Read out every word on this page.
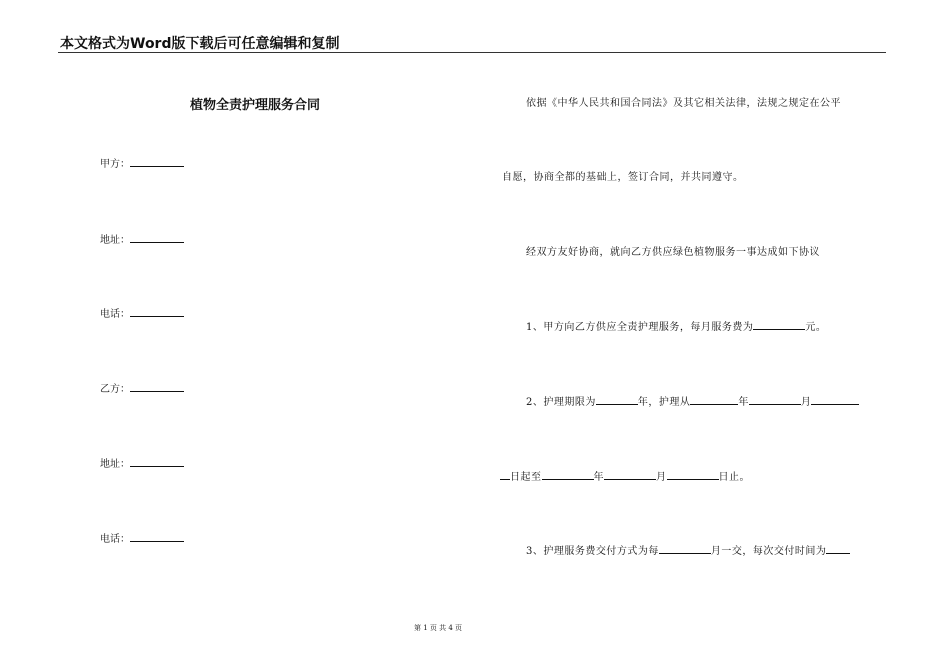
本文格式为Word版下载后可任意编辑和复制
植物全责护理服务合同
甲方：
地址：
电话：
乙方：
地址：
电话：
依据《中华人民共和国合同法》及其它相关法律，法规之规定在公平
自愿，协商全都的基础上，签订合同，并共同遵守。
经双方友好协商，就向乙方供应绿色植物服务一事达成如下协议
1、甲方向乙方供应全责护理服务，每月服务费为	元。
2、护理期限为	年，护理从	年	月
日起至	年	月	日止。
3、护理服务费交付方式为每	月一交，每次交付时间为
第 1 页 共 4 页
